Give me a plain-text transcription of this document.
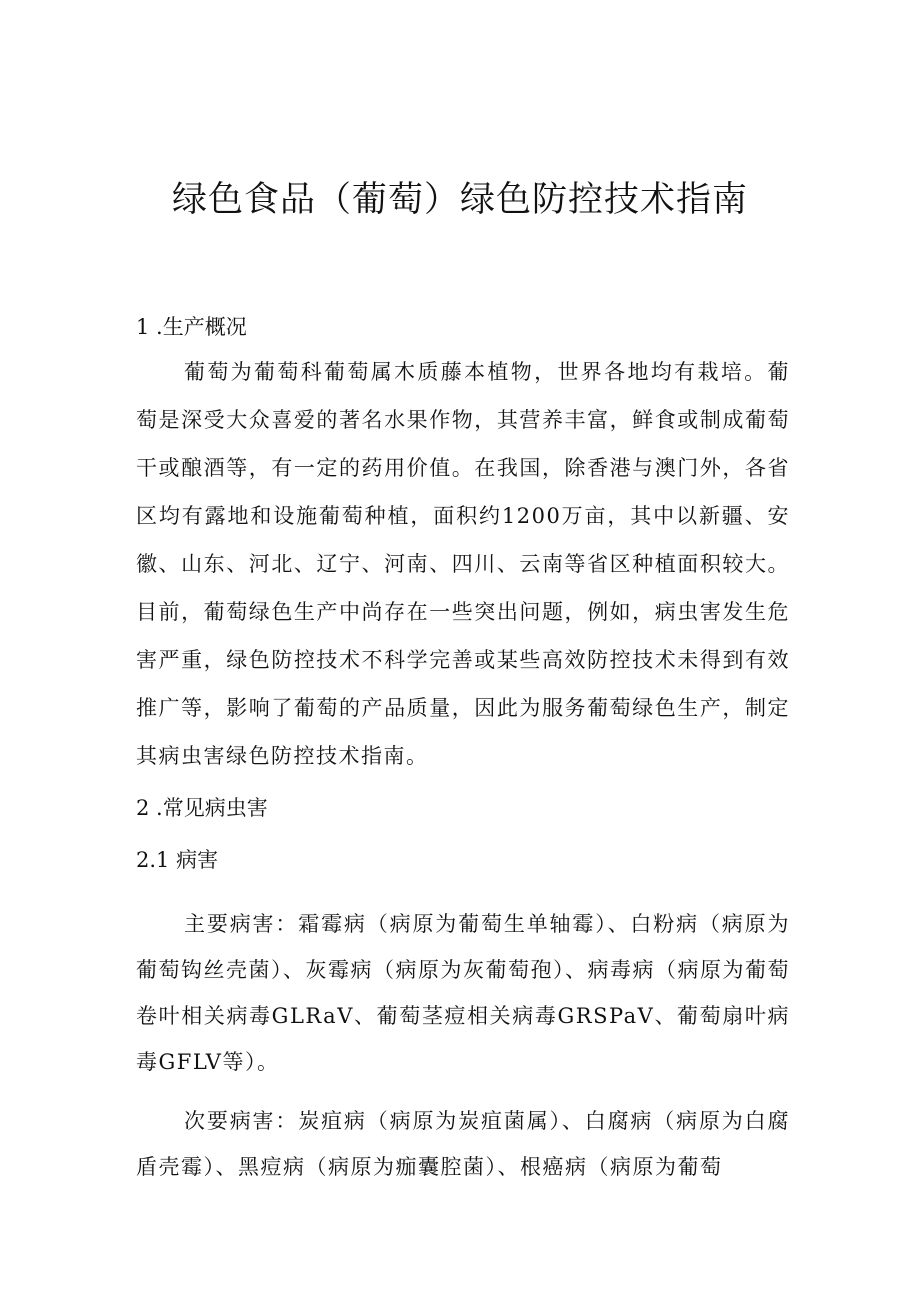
绿色食品（葡萄）绿色防控技术指南
1 .生产概况

葡萄为葡萄科葡萄属木质藤本植物，世界各地均有栽培。葡萄是深受大众喜爱的著名水果作物，其营养丰富，鲜食或制成葡萄干或酿酒等，有一定的药用价值。在我国，除香港与澳门外，各省区均有露地和设施葡萄种植，面积约1200万亩，其中以新疆、安徽、山东、河北、辽宁、河南、四川、云南等省区种植面积较大。目前，葡萄绿色生产中尚存在一些突出问题，例如，病虫害发生危害严重，绿色防控技术不科学完善或某些高效防控技术未得到有效推广等，影响了葡萄的产品质量，因此为服务葡萄绿色生产，制定其病虫害绿色防控技术指南。

2 .常见病虫害
2.1 病害

主要病害：霜霉病（病原为葡萄生单轴霉）、白粉病（病原为葡萄钩丝壳菌）、灰霉病（病原为灰葡萄孢）、病毒病（病原为葡萄卷叶相关病毒GLRaV、葡萄茎痘相关病毒GRSPaV、葡萄扇叶病毒GFLV等）。

次要病害：炭疽病（病原为炭疽菌属）、白腐病（病原为白腐盾壳霉）、黑痘病（病原为痂囊腔菌）、根癌病（病原为葡萄
